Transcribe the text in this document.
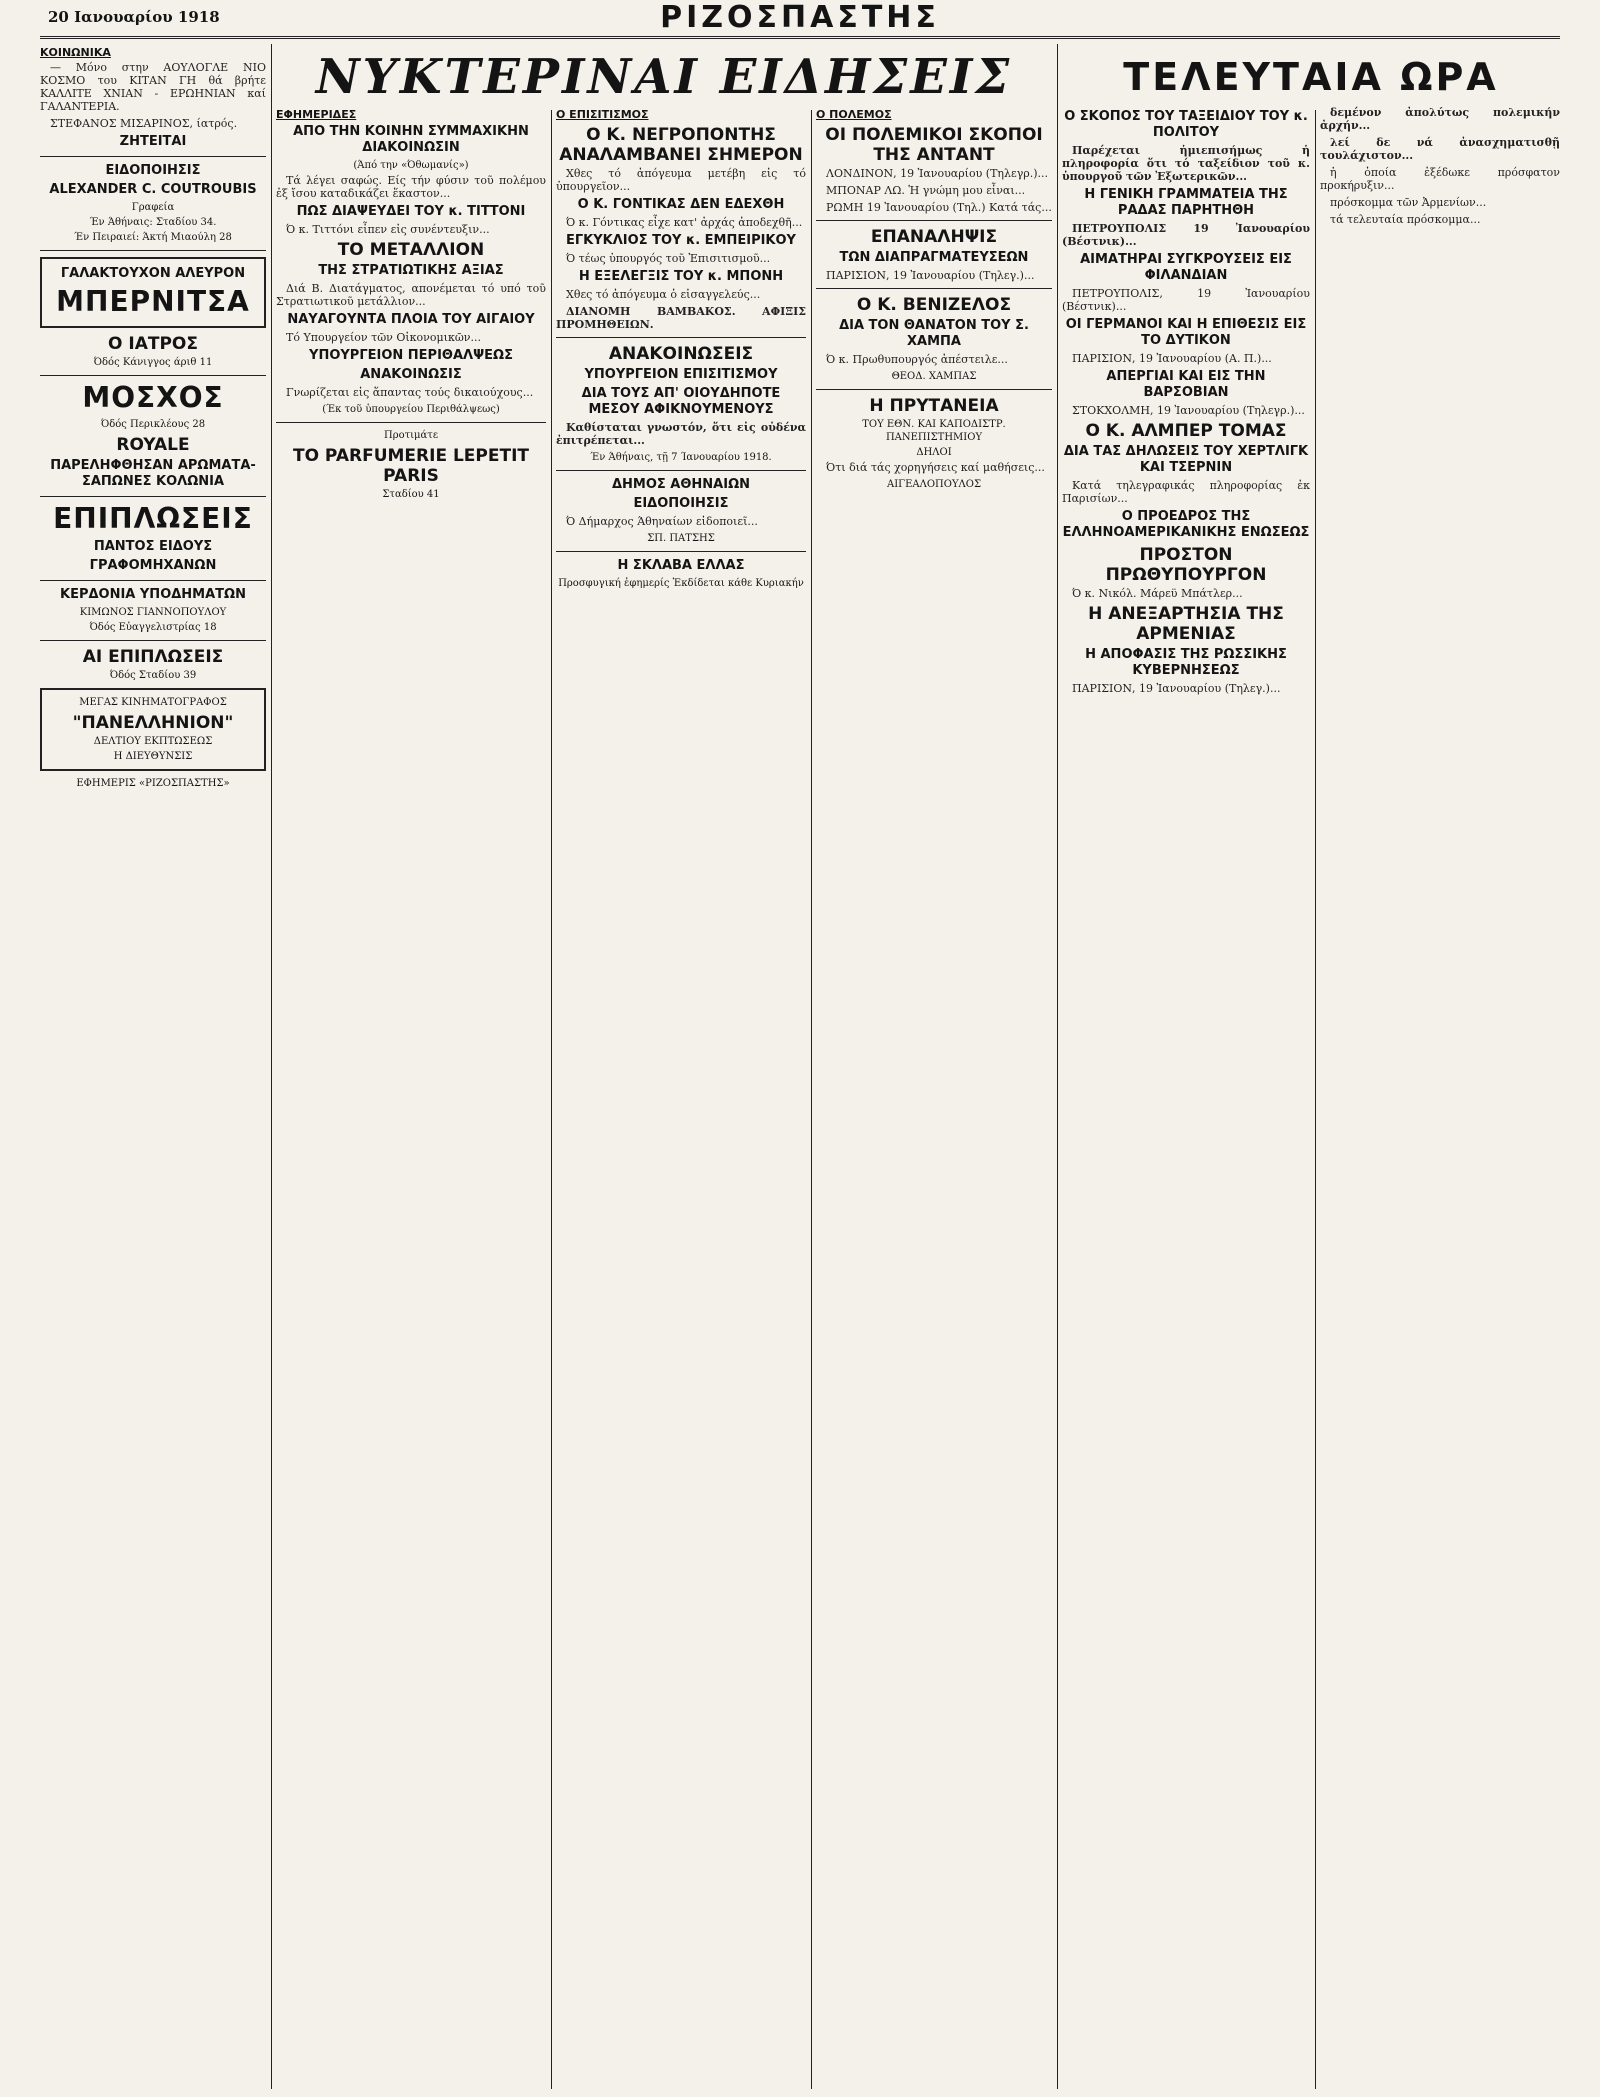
20 Ιανουαρίου 1918	ΡΙΖΟΣΠΑΣΤΗΣ
ΝΥΚΤΕΡΙΝΑΙ ΕΙΔΗΣΕΙΣ	ΤΕΛΕΥΤΑΙΑ ΩΡΑ
ΚΟΙΝΩΝΙΚΑ
— Μόνο στην ΑΟΥΛΟΓΛΕ ΝΙΟ ΚΟΣΜΟ του ΚΙΤΑΝ ΓΗ θά βρήτε ΚΑΛΛΙΤΕ ΧΝΙΑΝ - ΕΡΩΗΝΙΑΝ καί ΓΑΛΑΝΤΕΡΙΑ.
ΣΤΕΦΑΝΟΣ ΜΙΣΑΡΙΝΟΣ, ίατρός.
ΖΗΤΕΙΤΑΙ
ΕΙΔΟΠΟΙΗΣΙΣ
ALEXANDER C. COUTROUBIS
Γραφεία
Έν Άθήναις: Σταδίου 34.
Έν Πειραιεί: Άκτή Μιαούλη 28
ΓΑΛΑΚΤΟΥΧΟΝ ΑΛΕΥΡΟΝ
ΜΠΕΡΝΙΤΣΑ
Ο ΙΑΤΡΟΣ
Όδός Κάνιγγος άριθ 11
ΜΟΣΧΟΣ
Όδός Περικλέους 28
ROYALE
ΠΑΡΕΛΗΦΘΗΣΑΝ ΑΡΩΜΑΤΑ-ΣΑΠΩΝΕΣ ΚΟΛΩΝΙΑ
ΕΠΙΠΛΩΣΕΙΣ
ΠΑΝΤΟΣ ΕΙΔΟΥΣ
ΓΡΑΦΟΜΗΧΑΝΩΝ
ΚΕΡΔΟΝΙΑ ΥΠΟΔΗΜΑΤΩΝ
ΚΙΜΩΝΟΣ ΓΙΑΝΝΟΠΟΥΛΟΥ
Όδός Εὐαγγελιστρίας 18
ΑΙ ΕΠΙΠΛΩΣΕΙΣ
Όδός Σταδίου 39
ΜΕΓΑΣ ΚΙΝΗΜΑΤΟΓΡΑΦΟΣ
"ΠΑΝΕΛΛΗΝΙΟΝ"
ΔΕΛΤΙΟΥ ΕΚΠΤΩΣΕΩΣ
Η ΔΙΕΥΘΥΝΣΙΣ
ΕΦΗΜΕΡΙΣ «ΡΙΖΟΣΠΑΣΤΗΣ»
ΕΦΗΜΕΡΙΔΕΣ
ΑΠΟ ΤΗΝ ΚΟΙΝΗΝ ΣΥΜΜΑΧΙΚΗΝ ΔΙΑΚΟΙΝΩΣΙΝ
(Άπό την «Όθωμανίς»)
Τά λέγει σαφώς. Είς τήν φύσιν τοῦ πολέμου ἐξ ἴσου καταδικάζει ἕκαστον...
ΠΩΣ ΔΙΑΨΕΥΔΕΙ ΤΟΥ κ. ΤΙΤΤΟΝΙ
Ό κ. Τιττόνι εἶπεν εἰς συνέντευξιν...
ΤΟ ΜΕΤΑΛΛΙΟΝ
ΤΗΣ ΣΤΡΑΤΙΩΤΙΚΗΣ ΑΞΙΑΣ
Διά Β. Διατάγματος, απονέμεται τό υπό τοῦ Στρατιωτικοῦ μετάλλιον...
ΝΑΥΑΓΟΥΝΤΑ ΠΛΟΙΑ ΤΟΥ ΑΙΓΑΙΟΥ
Τό Υπουργείον τῶν Οἰκονομικῶν...
ΥΠΟΥΡΓΕΙΟΝ ΠΕΡΙΘΑΛΨΕΩΣ
ΑΝΑΚΟΙΝΩΣΙΣ
Γνωρίζεται εἰς ἅπαντας τούς δικαιούχους...
(Έκ τοῦ ὑπουργείου Περιθάλψεως)
Προτιμάτε
ΤΟ PARFUMERIE LEPETIT PARIS
Σταδίου 41
Ο ΕΠΙΣΙΤΙΣΜΟΣ
Ο Κ. ΝΕΓΡΟΠΟΝΤΗΣ ΑΝΑΛΑΜΒΑΝΕΙ ΣΗΜΕΡΟΝ
Χθες τό ἀπόγευμα μετέβη εἰς τό ὑπουργεῖον...
Ο Κ. ΓΟΝΤΙΚΑΣ ΔΕΝ ΕΔΕΧΘΗ
Ό κ. Γόντικας εἶχε κατ' ἀρχάς ἀποδεχθῆ...
ΕΓΚΥΚΛΙΟΣ ΤΟΥ κ. ΕΜΠΕΙΡΙΚΟΥ
Ό τέως ὑπουργός τοῦ Ἐπισιτισμοῦ...
Η ΕΞΕΛΕΓΞΙΣ ΤΟΥ κ. ΜΠΟΝΗ
Χθες τό ἀπόγευμα ὁ εἰσαγγελεύς...
ΔΙΑΝΟΜΗ ΒΑΜΒΑΚΟΣ. ΑΦΙΞΙΣ ΠΡΟΜΗΘΕΙΩΝ.
ΑΝΑΚΟΙΝΩΣΕΙΣ
ΥΠΟΥΡΓΕΙΟΝ ΕΠΙΣΙΤΙΣΜΟΥ
ΔΙΑ ΤΟΥΣ ΑΠ' ΟΙΟΥΔΗΠΟΤΕ ΜΕΣΟΥ ΑΦΙΚΝΟΥΜΕΝΟΥΣ
Καθίσταται γνωστόν, ὅτι εἰς οὐδένα ἐπιτρέπεται...
Έν Άθήναις, τῇ 7 Ίανουαρίου 1918.
ΔΗΜΟΣ ΑΘΗΝΑΙΩΝ
ΕΙΔΟΠΟΙΗΣΙΣ
Ό Δήμαρχος Άθηναίων εἰδοποιεῖ...
ΣΠ. ΠΑΤΣΗΣ
Η ΣΚΛΑΒΑ ΕΛΛΑΣ
Προσφυγική ἐφημερίς Ἐκδίδεται κάθε Κυριακήν
Ο ΠΟΛΕΜΟΣ
ΟΙ ΠΟΛΕΜΙΚΟΙ ΣΚΟΠΟΙ ΤΗΣ ΑΝΤΑΝΤ
ΛΟΝΔΙΝΟΝ, 19 Ἰανουαρίου (Τηλεγρ.)...
ΜΠΟΝΑΡ ΛΩ. Ἡ γνώμη μου εἶναι...
ΡΩΜΗ 19 Ἰανουαρίου (Τηλ.) Κατά τάς...
ΕΠΑΝΑΛΗΨΙΣ
ΤΩΝ ΔΙΑΠΡΑΓΜΑΤΕΥΣΕΩΝ
ΠΑΡΙΣΙΟΝ, 19 Ἰανουαρίου (Τηλεγ.)...
Ο Κ. ΒΕΝΙΖΕΛΟΣ
ΔΙΑ ΤΟΝ ΘΑΝΑΤΟΝ ΤΟΥ Σ. ΧΑΜΠΑ
Ό κ. Πρωθυπουργός ἀπέστειλε...
ΘΕΟΔ. ΧΑΜΠΑΣ
Η ΠΡΥΤΑΝΕΙΑ
ΤΟΥ ΕΘΝ. ΚΑΙ ΚΑΠΟΔΙΣΤΡ. ΠΑΝΕΠΙΣΤΗΜΙΟΥ
ΔΗΛΟΙ
Ότι διά τάς χορηγήσεις καί μαθήσεις...
ΑΙΓΕΑΛΟΠΟΥΛΟΣ
Ο ΣΚΟΠΟΣ ΤΟΥ ΤΑΞΕΙΔΙΟΥ ΤΟΥ κ. ΠΟΛΙΤΟΥ
Παρέχεται ἡμιεπισήμως ἡ πληροφορία ὅτι τό ταξείδιον τοῦ κ. ὑπουργοῦ τῶν Ἐξωτερικῶν...
Η ΓΕΝΙΚΗ ΓΡΑΜΜΑΤΕΙΑ ΤΗΣ ΡΑΔΑΣ ΠΑΡΗΤΗΘΗ
ΠΕΤΡΟΥΠΟΛΙΣ 19 Ἰανουαρίου (Βέστνικ)...
ΑΙΜΑΤΗΡΑΙ ΣΥΓΚΡΟΥΣΕΙΣ ΕΙΣ ΦΙΛΑΝΔΙΑΝ
ΠΕΤΡΟΥΠΟΛΙΣ, 19 Ἰανουαρίου (Βέστνικ)...
ΟΙ ΓΕΡΜΑΝΟΙ ΚΑΙ Η ΕΠΙΘΕΣΙΣ ΕΙΣ ΤΟ ΔΥΤΙΚΟΝ
ΠΑΡΙΣΙΟΝ, 19 Ἰανουαρίου (Α. Π.)...
ΑΠΕΡΓΙΑΙ ΚΑΙ ΕΙΣ ΤΗΝ ΒΑΡΣΟΒΙΑΝ
ΣΤΟΚΧΟΛΜΗ, 19 Ἰανουαρίου (Τηλεγρ.)...
Ο Κ. ΑΛΜΠΕΡ ΤΟΜΑΣ
ΔΙΑ ΤΑΣ ΔΗΛΩΣΕΙΣ ΤΟΥ ΧΕΡΤΛΙΓΚ ΚΑΙ ΤΣΕΡΝΙΝ
Κατά τηλεγραφικάς πληροφορίας ἐκ Παρισίων...
Ο ΠΡΟΕΔΡΟΣ ΤΗΣ ΕΛΛΗΝΟΑΜΕΡΙΚΑΝΙΚΗΣ ΕΝΩΣΕΩΣ
ΠΡΟΣΤΟΝ ΠΡΩΘΥΠΟΥΡΓΟΝ
Ό κ. Νικόλ. Μάρεϋ Μπάτλερ...
Η ΑΝΕΞΑΡΤΗΣΙΑ ΤΗΣ ΑΡΜΕΝΙΑΣ
Η ΑΠΟΦΑΣΙΣ ΤΗΣ ΡΩΣΣΙΚΗΣ ΚΥΒΕΡΝΗΣΕΩΣ
ΠΑΡΙΣΙΟΝ, 19 Ἰανουαρίου (Τηλεγ.)...
δεμένον ἀπολύτως πολεμικήν ἀρχήν...
λεί δε νά ἀνασχηματισθῇ τουλάχιστον...
ἡ ὁποία ἐξέδωκε πρόσφατον προκήρυξιν...
πρόσκομμα τῶν Ἀρμενίων...
τά τελευταία πρόσκομμα...
